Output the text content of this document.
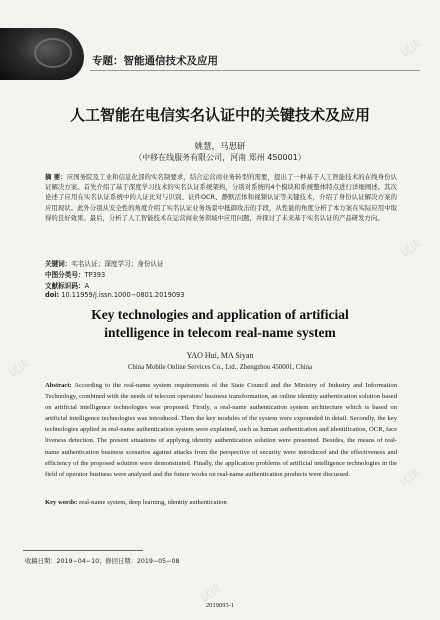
专题：智能通信技术及应用
人工智能在电信实名认证中的关键技术及应用
姚慧，马思研
（中移在线服务有限公司，河南 郑州 450001）
摘 要：应国务院及工业和信息化部的实名制要求，结合运营商业务转型的需要，提出了一种基于人工智能技术的在线身份认证解决方案。首先介绍了基于深度学习技术的实名认证系统架构，分别对系统的4个模块和系统整体特点进行详细阐述。其次论述了应用在实名认证系统中的人证比对与识别、证件OCR、静默活体和视频认证等关键技术，介绍了身份认证解决方案的应用现状。此外分别从安全性的角度介绍了实名认证业务场景中抵御攻击的手段，从性能的角度分析了本方案在实际应用中取得的良好效果。最后，分析了人工智能技术在运营商业务领域中应用问题，并探讨了未来基于实名认证的产品研发方向。
关键词：实名认证；深度学习；身份认证
中图分类号：TP393
文献标识码：A
doi: 10.11959/j.issn.1000−0801.2019093
Key technologies and application of artificial
intelligence in telecom real-name system
YAO Hui, MA Siyan
China Mobile Online Services Co., Ltd., Zhengzhou 450001, China
Abstract: According to the real-name system requirements of the State Council and the Ministry of Industry and Information Technology, combined with the needs of telecom operators' business transformation, an online identity authentication solution based on artificial intelligence technologies was proposed. Firstly, a real-name authentication system architecture which is based on artificial intelligence technologies was introduced. Then the key modules of the system were expounded in detail. Secondly, the key technologies applied in real-name authentication system were explained, such as human authentication and identification, OCR, face liveness detection. The present situations of applying identity authentication solution were presented. Besides, the means of real-name authentication business scenarios against attacks from the perspective of security were introduced and the effectiveness and efficiency of the proposed solution were demonstrated. Finally, the application problems of artificial intelligence technologies in the field of operator business were analyzed and the future works on real-name authentication products were discussed.
Key words: real-name system, deep learning, identity authentication
收稿日期：2019−04−10；修回日期：2019−05−08
2019093-1
试读
试读
试读
试读
试读
